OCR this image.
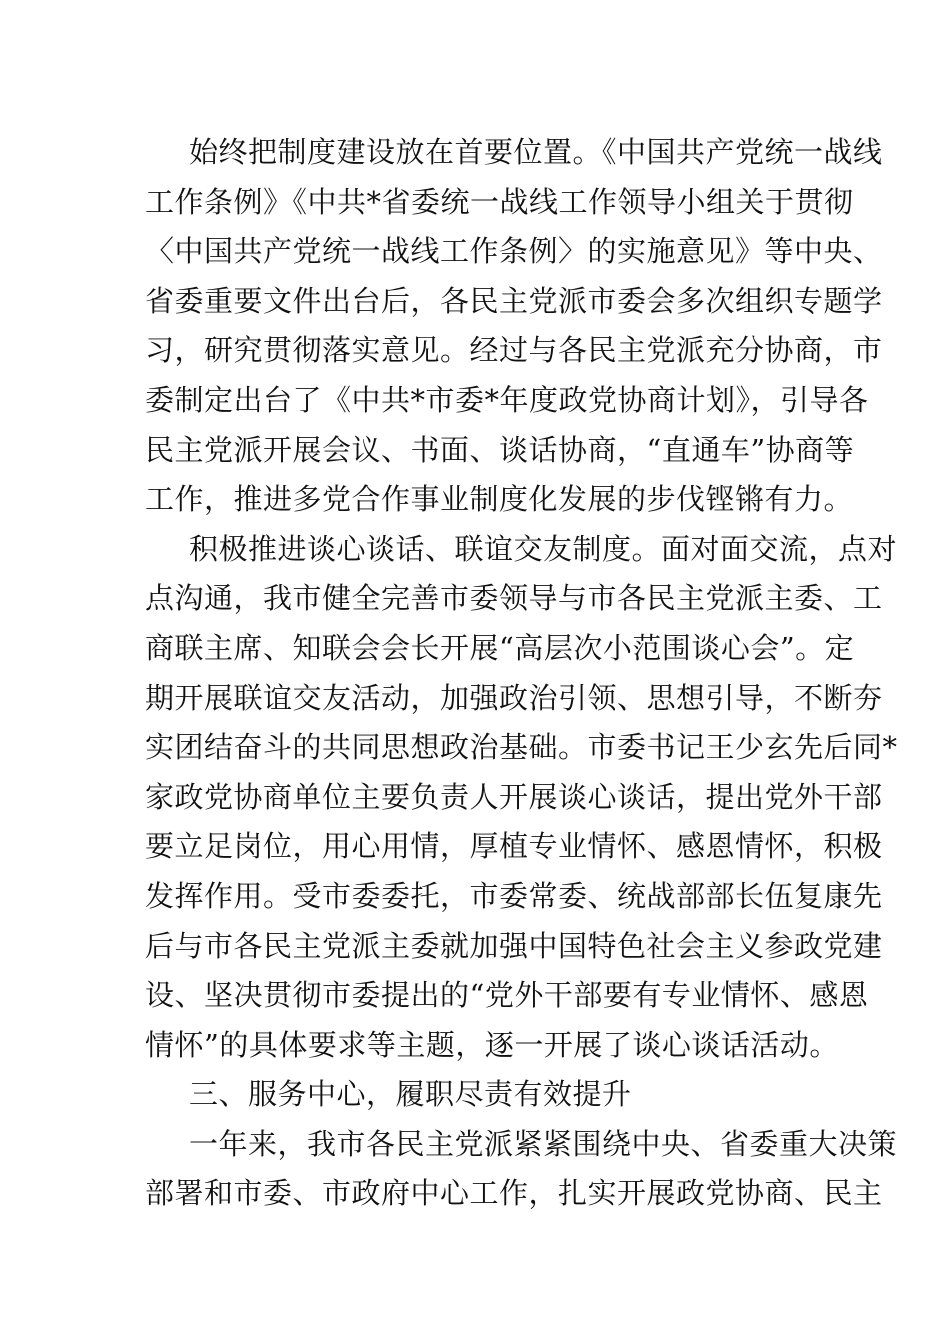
始终把制度建设放在首要位置。《中国共产党统一战线
工作条例》《中共*省委统一战线工作领导小组关于贯彻
〈中国共产党统一战线工作条例〉的实施意见》等中央、
省委重要文件出台后，各民主党派市委会多次组织专题学
习，研究贯彻落实意见。经过与各民主党派充分协商，市
委制定出台了《中共*市委*年度政党协商计划》，引导各
民主党派开展会议、书面、谈话协商，“直通车”协商等
工作，推进多党合作事业制度化发展的步伐铿锵有力。
积极推进谈心谈话、联谊交友制度。面对面交流，点对
点沟通，我市健全完善市委领导与市各民主党派主委、工
商联主席、知联会会长开展“高层次小范围谈心会”。定
期开展联谊交友活动，加强政治引领、思想引导，不断夯
实团结奋斗的共同思想政治基础。市委书记王少玄先后同*
家政党协商单位主要负责人开展谈心谈话，提出党外干部
要立足岗位，用心用情，厚植专业情怀、感恩情怀，积极
发挥作用。受市委委托，市委常委、统战部部长伍复康先
后与市各民主党派主委就加强中国特色社会主义参政党建
设、坚决贯彻市委提出的“党外干部要有专业情怀、感恩
情怀”的具体要求等主题，逐一开展了谈心谈话活动。
三、服务中心，履职尽责有效提升
一年来，我市各民主党派紧紧围绕中央、省委重大决策
部署和市委、市政府中心工作，扎实开展政党协商、民主
